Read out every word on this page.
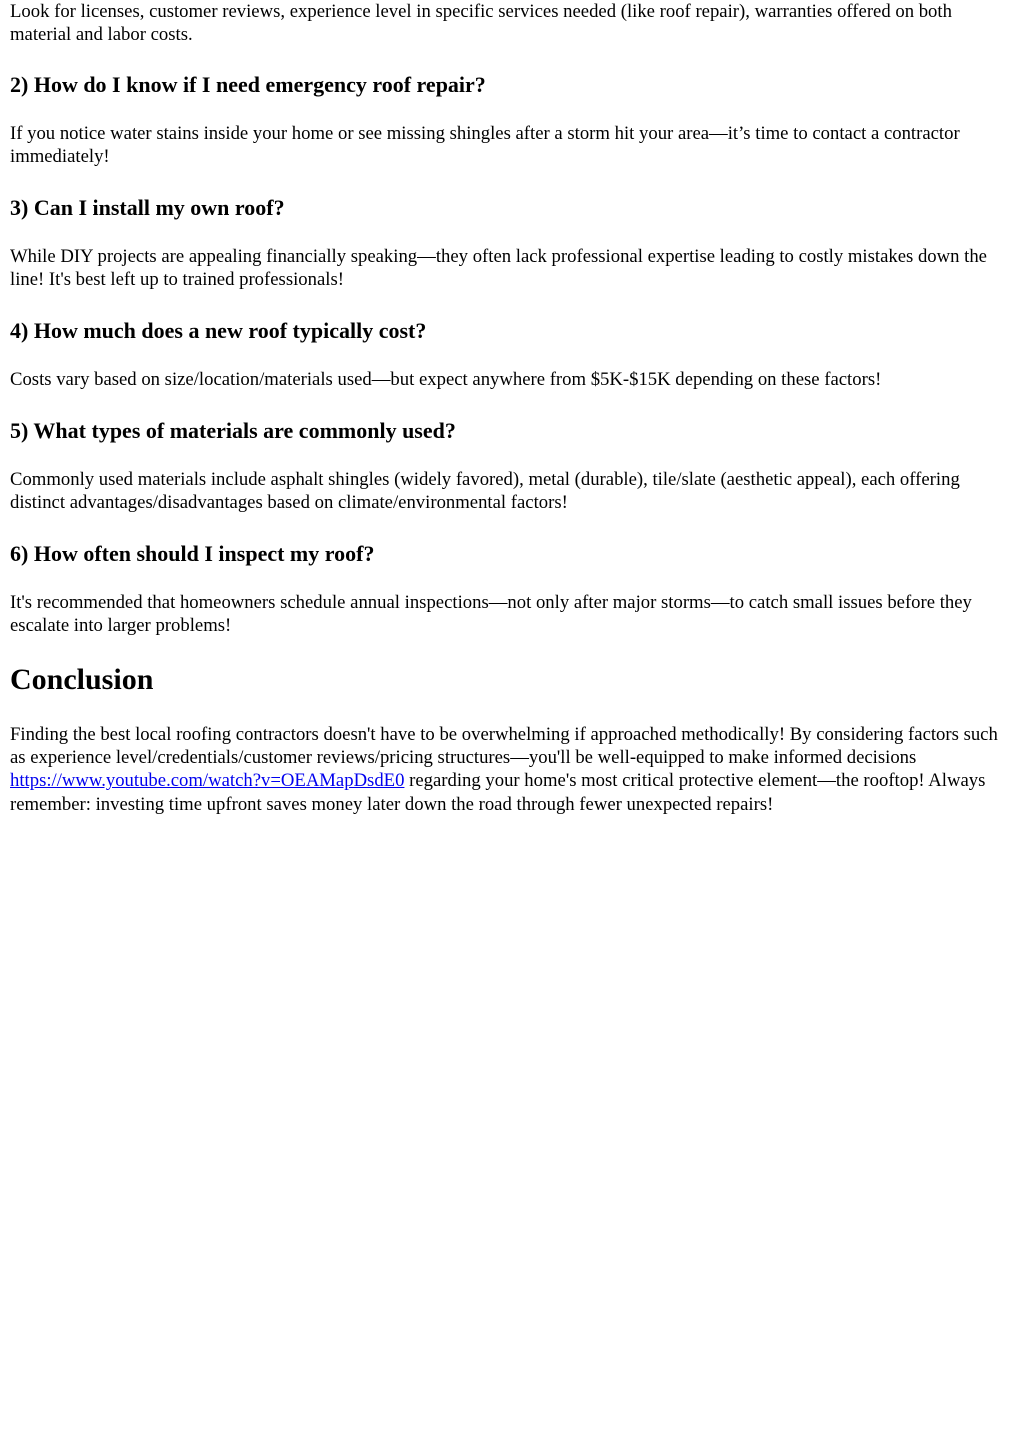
Look for licenses, customer reviews, experience level in specific services needed (like roof repair), warranties offered on both material and labor costs.

2) How do I know if I need emergency roof repair?

If you notice water stains inside your home or see missing shingles after a storm hit your area—it’s time to contact a contractor immediately!

3) Can I install my own roof?

While DIY projects are appealing financially speaking—they often lack professional expertise leading to costly mistakes down the line! It's best left up to trained professionals!

4) How much does a new roof typically cost?

Costs vary based on size/location/materials used—but expect anywhere from $5K-$15K depending on these factors!

5) What types of materials are commonly used?

Commonly used materials include asphalt shingles (widely favored), metal (durable), tile/slate (aesthetic appeal), each offering distinct advantages/disadvantages based on climate/environmental factors!

6) How often should I inspect my roof?

It's recommended that homeowners schedule annual inspections—not only after major storms—to catch small issues before they escalate into larger problems!

Conclusion

Finding the best local roofing contractors doesn't have to be overwhelming if approached methodically! By considering factors such as experience level/credentials/customer reviews/pricing structures—you'll be well-equipped to make informed decisions https://www.youtube.com/watch?v=OEAMapDsdE0 regarding your home's most critical protective element—the rooftop! Always remember: investing time upfront saves money later down the road through fewer unexpected repairs!
